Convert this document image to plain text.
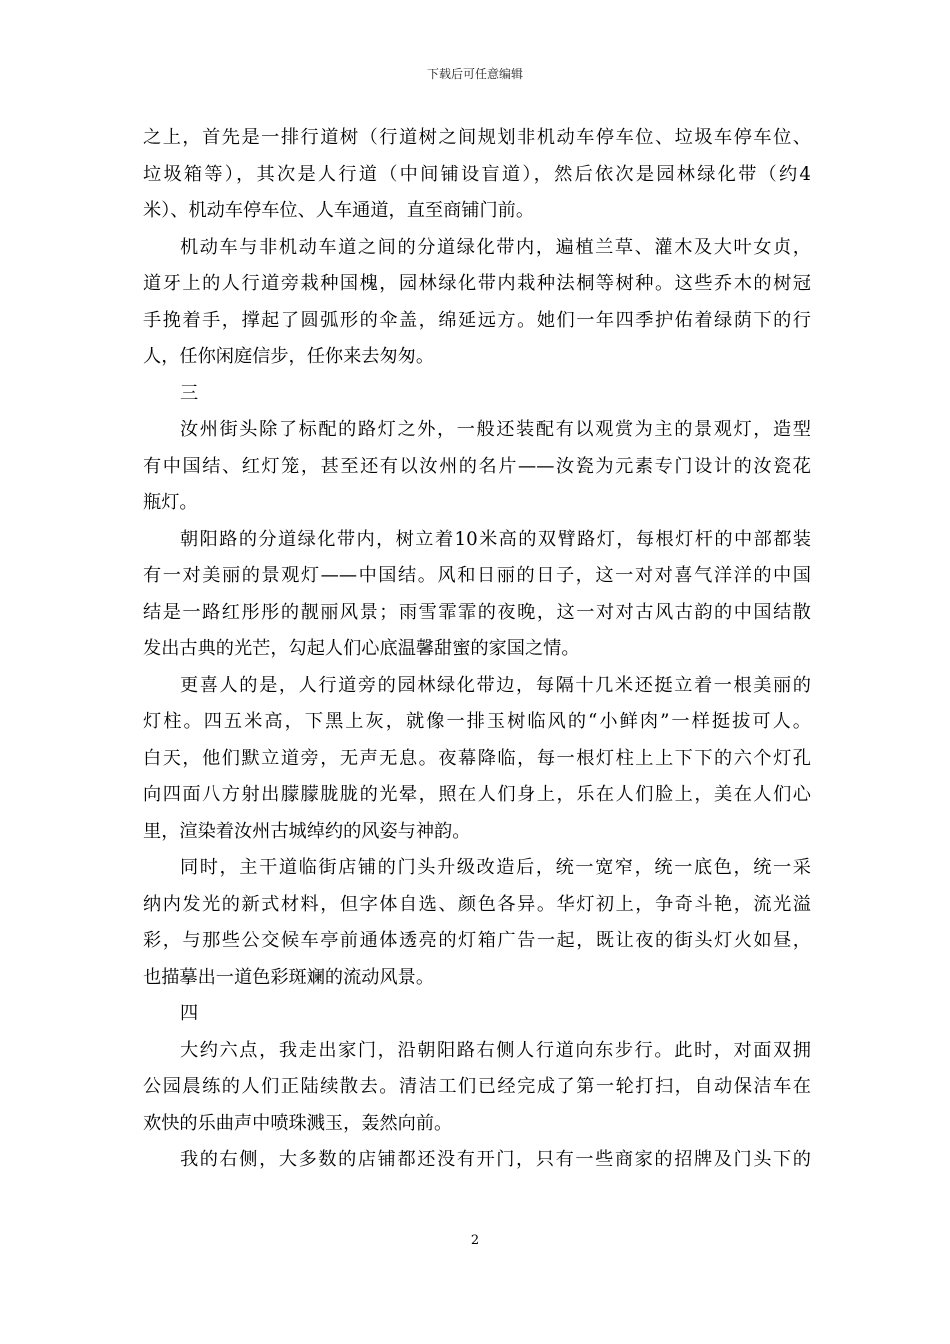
下载后可任意编辑
之上，首先是一排行道树（行道树之间规划非机动车停车位、垃圾车停车位、
垃圾箱等），其次是人行道（中间铺设盲道），然后依次是园林绿化带（约4
米）、机动车停车位、人车通道，直至商铺门前。
机动车与非机动车道之间的分道绿化带内，遍植兰草、灌木及大叶女贞，
道牙上的人行道旁栽种国槐，园林绿化带内栽种法桐等树种。这些乔木的树冠
手挽着手，撑起了圆弧形的伞盖，绵延远方。她们一年四季护佑着绿荫下的行
人，任你闲庭信步，任你来去匆匆。
三
汝州街头除了标配的路灯之外，一般还装配有以观赏为主的景观灯，造型
有中国结、红灯笼，甚至还有以汝州的名片——汝瓷为元素专门设计的汝瓷花
瓶灯。
朝阳路的分道绿化带内，树立着10米高的双臂路灯，每根灯杆的中部都装
有一对美丽的景观灯——中国结。风和日丽的日子，这一对对喜气洋洋的中国
结是一路红彤彤的靓丽风景；雨雪霏霏的夜晚，这一对对古风古韵的中国结散
发出古典的光芒，勾起人们心底温馨甜蜜的家国之情。
更喜人的是，人行道旁的园林绿化带边，每隔十几米还挺立着一根美丽的
灯柱。四五米高，下黑上灰，就像一排玉树临风的“小鲜肉”一样挺拔可人。
白天，他们默立道旁，无声无息。夜幕降临，每一根灯柱上上下下的六个灯孔
向四面八方射出朦朦胧胧的光晕，照在人们身上，乐在人们脸上，美在人们心
里，渲染着汝州古城绰约的风姿与神韵。
同时，主干道临街店铺的门头升级改造后，统一宽窄，统一底色，统一采
纳内发光的新式材料，但字体自选、颜色各异。华灯初上，争奇斗艳，流光溢
彩，与那些公交候车亭前通体透亮的灯箱广告一起，既让夜的街头灯火如昼，
也描摹出一道色彩斑斓的流动风景。
四
大约六点，我走出家门，沿朝阳路右侧人行道向东步行。此时，对面双拥
公园晨练的人们正陆续散去。清洁工们已经完成了第一轮打扫，自动保洁车在
欢快的乐曲声中喷珠溅玉，轰然向前。
我的右侧，大多数的店铺都还没有开门，只有一些商家的招牌及门头下的
2
